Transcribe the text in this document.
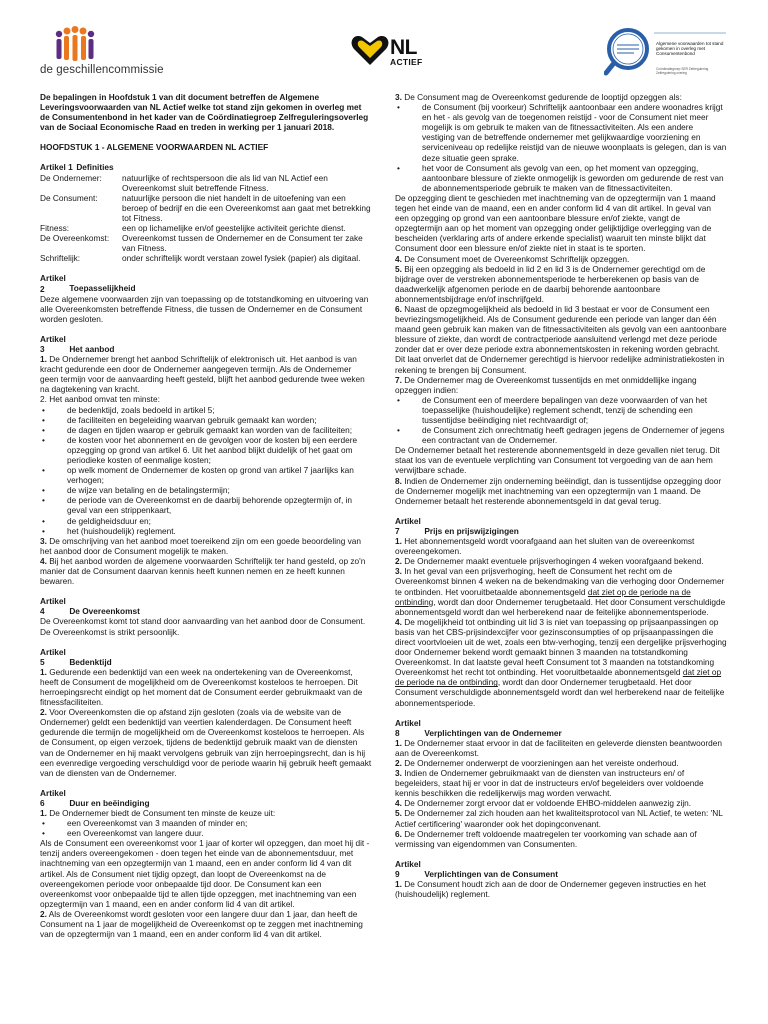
de geschillencommissie
NL
ACTIEF
Algemene voorwaarden tot stand gekomen in overleg met Consumentenbond
Coördinatiegroep SER Zelfregulering Zelfregulering overleg

De bepalingen in Hoofdstuk 1 van dit document betreffen de Algemene Leveringsvoorwaarden van NL Actief welke tot stand zijn gekomen in overleg met de Consumentenbond in het kader van de Coördinatiegroep Zelfreguleringsoverleg van de Sociaal Economische Raad en treden in werking per 1 januari 2018.

HOOFDSTUK 1 - ALGEMENE VOORWAARDEN NL ACTIEF

Artikel 1 Definities

De Ondernemer:	natuurlijke of rechtspersoon die als lid van NL Actief een Overeenkomst sluit betreffende Fitness.
De Consument:	natuurlijke persoon die niet handelt in de uitoefening van een beroep of bedrijf en die een Overeenkomst aan gaat met betrekking tot Fitness.
Fitness:	een op lichamelijke en/of geestelijke activiteit gerichte dienst.
De Overeenkomst:	Overeenkomst tussen de Ondernemer en de Consument ter zake van Fitness.
Schriftelijk:	onder schriftelijk wordt verstaan zowel fysiek (papier) als digitaal.

Artikel 2	Toepasselijkheid

Deze algemene voorwaarden zijn van toepassing op de totstandkoming en uitvoering van alle Overeenkomsten betreffende Fitness, die tussen de Ondernemer en de Consument worden gesloten.

Artikel 3	Het aanbod

1. De Ondernemer brengt het aanbod Schriftelijk of elektronisch uit. Het aanbod is van kracht gedurende een door de Ondernemer aangegeven termijn. Als de Ondernemer geen termijn voor de aanvaarding heeft gesteld, blijft het aanbod gedurende twee weken na dagtekening van kracht.

2. Het aanbod omvat ten minste:

• de bedenktijd, zoals bedoeld in artikel 5;
• de faciliteiten en begeleiding waarvan gebruik gemaakt kan worden;
• de dagen en tijden waarop er gebruik gemaakt kan worden van de faciliteiten;
• de kosten voor het abonnement en de gevolgen voor de kosten bij een eerdere opzegging op grond van artikel 6. Uit het aanbod blijkt duidelijk of het gaat om periodieke kosten of eenmalige kosten;
• op welk moment de Ondernemer de kosten op grond van artikel 7 jaarlijks kan verhogen;
• de wijze van betaling en de betalingstermijn;
• de periode van de Overeenkomst en de daarbij behorende opzegtermijn of, in geval van een strippenkaart,
• de geldigheidsduur en;
• het (huishoudelijk) reglement.

3. De omschrijving van het aanbod moet toereikend zijn om een goede beoordeling van het aanbod door de Consument mogelijk te maken.

4. Bij het aanbod worden de algemene voorwaarden Schriftelijk ter hand gesteld, op zo'n manier dat de Consument daarvan kennis heeft kunnen nemen en ze heeft kunnen bewaren.

Artikel 4	De Overeenkomst

De Overeenkomst komt tot stand door aanvaarding van het aanbod door de Consument. De Overeenkomst is strikt persoonlijk.

Artikel 5	Bedenktijd

1. Gedurende een bedenktijd van een week na ondertekening van de Overeenkomst, heeft de Consument de mogelijkheid om de Overeenkomst kosteloos te herroepen. Dit herroepingsrecht eindigt op het moment dat de Consument eerder gebruikmaakt van de fitnessfaciliteiten.

2. Voor Overeenkomsten die op afstand zijn gesloten (zoals via de website van de Ondernemer) geldt een bedenktijd van veertien kalenderdagen. De Consument heeft gedurende die termijn de mogelijkheid om de Overeenkomst kosteloos te herroepen. Als de Consument, op eigen verzoek, tijdens de bedenktijd gebruik maakt van de diensten van de Ondernemer en hij maakt vervolgens gebruik van zijn herroepingsrecht, dan is hij een evenredige vergoeding verschuldigd voor de periode waarin hij gebruik heeft gemaakt van de diensten van de Ondernemer.

Artikel 6	Duur en beëindiging

1. De Ondernemer biedt de Consument ten minste de keuze uit:

• een Overeenkomst van 3 maanden of minder en;
• een Overeenkomst van langere duur.

Als de Consument een overeenkomst voor 1 jaar of korter wil opzeggen, dan moet hij dit - tenzij anders overeengekomen - doen tegen het einde van de abonnementsduur, met inachtneming van een opzegtermijn van 1 maand, een en ander conform lid 4 van dit artikel. Als de Consument niet tijdig opzegt, dan loopt de Overeenkomst na de overeengekomen periode voor onbepaalde tijd door. De Consument kan een overeenkomst voor onbepaalde tijd te allen tijde opzeggen, met inachtneming van een opzegtermijn van 1 maand, een en ander conform lid 4 van dit artikel.

2. Als de Overeenkomst wordt gesloten voor een langere duur dan 1 jaar, dan heeft de Consument na 1 jaar de mogelijkheid de Overeenkomst op te zeggen met inachtneming van de opzegtermijn van 1 maand, een en ander conform lid 4 van dit artikel.

3. De Consument mag de Overeenkomst gedurende de looptijd opzeggen als:

• de Consument (bij voorkeur) Schriftelijk aantoonbaar een andere woonadres krijgt en het - als gevolg van de toegenomen reistijd - voor de Consument niet meer mogelijk is om gebruik te maken van de fitnessactiviteiten. Als een andere vestiging van de betreffende ondernemer met gelijkwaardige voorziening en serviceniveau op redelijke reistijd van de nieuwe woonplaats is gelegen, dan is van deze situatie geen sprake.
• het voor de Consument als gevolg van een, op het moment van opzegging, aantoonbare blessure of ziekte onmogelijk is geworden om gedurende de rest van de abonnementsperiode gebruik te maken van de fitnessactiviteiten.

De opzegging dient te geschieden met inachtneming van de opzegtermijn van 1 maand tegen het einde van de maand, een en ander conform lid 4 van dit artikel. In geval van een opzegging op grond van een aantoonbare blessure en/of ziekte, vangt de opzegtermijn aan op het moment van opzegging onder gelijktijdige overlegging van de bescheiden (verklaring arts of andere erkende specialist) waaruit ten minste blijkt dat Consument door een blessure en/of ziekte niet in staat is te sporten.

4. De Consument moet de Overeenkomst Schriftelijk opzeggen.

5. Bij een opzegging als bedoeld in lid 2 en lid 3 is de Ondernemer gerechtigd om de bijdrage over de verstreken abonnementsperiode te herberekenen op basis van de daadwerkelijk afgenomen periode en de daarbij behorende aantoonbare abonnementsbijdrage en/of inschrijfgeld.

6. Naast de opzegmogelijkheid als bedoeld in lid 3 bestaat er voor de Consument een bevriezingsmogelijkheid. Als de Consument gedurende een periode van langer dan één maand geen gebruik kan maken van de fitnessactiviteiten als gevolg van een aantoonbare blessure of ziekte, dan wordt de contractperiode aansluitend verlengd met deze periode zonder dat er over deze periode extra abonnementskosten in rekening worden gebracht. Dit laat onverlet dat de Ondernemer gerechtigd is hiervoor redelijke administratiekosten in rekening te brengen bij Consument.

7. De Ondernemer mag de Overeenkomst tussentijds en met onmiddellijke ingang opzeggen indien:

• de Consument een of meerdere bepalingen van deze voorwaarden of van het toepasselijke (huishoudelijke) reglement schendt, tenzij de schending een tussentijdse beëindiging niet rechtvaardigt of;
• de Consument zich onrechtmatig heeft gedragen jegens de Ondernemer of jegens een contractant van de Ondernemer.

De Ondernemer betaalt het resterende abonnementsgeld in deze gevallen niet terug. Dit staat los van de eventuele verplichting van Consument tot vergoeding van de aan hem verwijtbare schade.

8. Indien de Ondernemer zijn onderneming beëindigt, dan is tussentijdse opzegging door de Ondernemer mogelijk met inachtneming van een opzegtermijn van 1 maand. De Ondernemer betaalt het resterende abonnementsgeld in dat geval terug.

Artikel 7	Prijs en prijswijzigingen

1. Het abonnementsgeld wordt voorafgaand aan het sluiten van de overeenkomst overeengekomen.

2. De Ondernemer maakt eventuele prijsverhogingen 4 weken voorafgaand bekend.

3. In het geval van een prijsverhoging, heeft de Consument het recht om de Overeenkomst binnen 4 weken na de bekendmaking van die verhoging door Ondernemer te ontbinden. Het vooruitbetaalde abonnementsgeld dat ziet op de periode na de ontbinding, wordt dan door Ondernemer terugbetaald. Het door Consument verschuldigde abonnementsgeld wordt dan wel herberekend naar de feitelijke abonnementsperiode.

4. De mogelijkheid tot ontbinding uit lid 3 is niet van toepassing op prijsaanpassingen op basis van het CBS-prijsindexcijfer voor gezinsconsumpties of op prijsaanpassingen die direct voortvloeien uit de wet, zoals een btw-verhoging, tenzij een dergelijke prijsverhoging door Ondernemer bekend wordt gemaakt binnen 3 maanden na totstandkoming Overeenkomst. In dat laatste geval heeft Consument tot 3 maanden na totstandkoming Overeenkomst het recht tot ontbinding. Het vooruitbetaalde abonnementsgeld dat ziet op de periode na de ontbinding, wordt dan door Ondernemer terugbetaald. Het door Consument verschuldigde abonnementsgeld wordt dan wel herberekend naar de feitelijke abonnementsperiode.

Artikel 8	Verplichtingen van de Ondernemer

1. De Ondernemer staat ervoor in dat de faciliteiten en geleverde diensten beantwoorden aan de Overeenkomst.

2. De Ondernemer onderwerpt de voorzieningen aan het vereiste onderhoud.

3. Indien de Ondernemer gebruikmaakt van de diensten van instructeurs en/ of begeleiders, staat hij er voor in dat de instructeurs en/of begeleiders over voldoende kennis beschikken die redelijkerwijs mag worden verwacht.

4. De Ondernemer zorgt ervoor dat er voldoende EHBO-middelen aanwezig zijn.

5. De Ondernemer zal zich houden aan het kwaliteitsprotocol van NL Actief, te weten: 'NL Actief certificering' waaronder ook het dopingconvenant.

6. De Ondernemer treft voldoende maatregelen ter voorkoming van schade aan of vermissing van eigendommen van Consumenten.

Artikel 9	Verplichtingen van de Consument

1. De Consument houdt zich aan de door de Ondernemer gegeven instructies en het (huishoudelijk) reglement.
